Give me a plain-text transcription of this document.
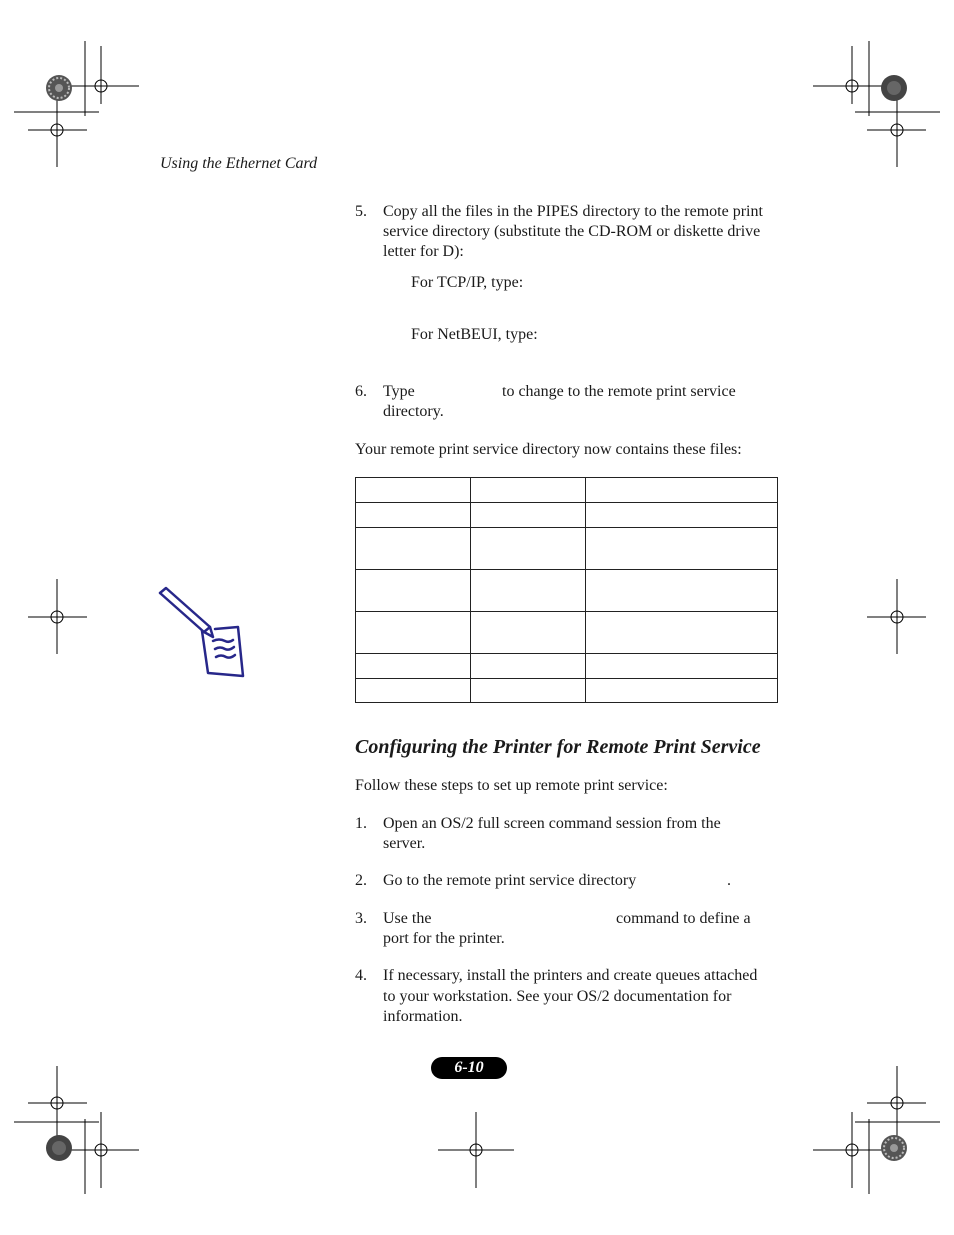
Using the Ethernet Card
5.	Copy all the files in the PIPES directory to the remote print service directory (substitute the CD-ROM or diskette drive letter for D):
For TCP/IP, type:
For NetBEUI, type:
6.	Type	to change to the remote print service directory.
Your remote print service directory now contains these files:

Configuring the Printer for Remote Print Service
Follow these steps to set up remote print service:
1.	Open an OS/2 full screen command session from the
server.
2.	Go to the remote print service directory	.
3.	Use the	command to define a
port for the printer.
4.	If necessary, install the printers and create queues attached
to your workstation. See your OS/2 documentation for
information.
6-10
